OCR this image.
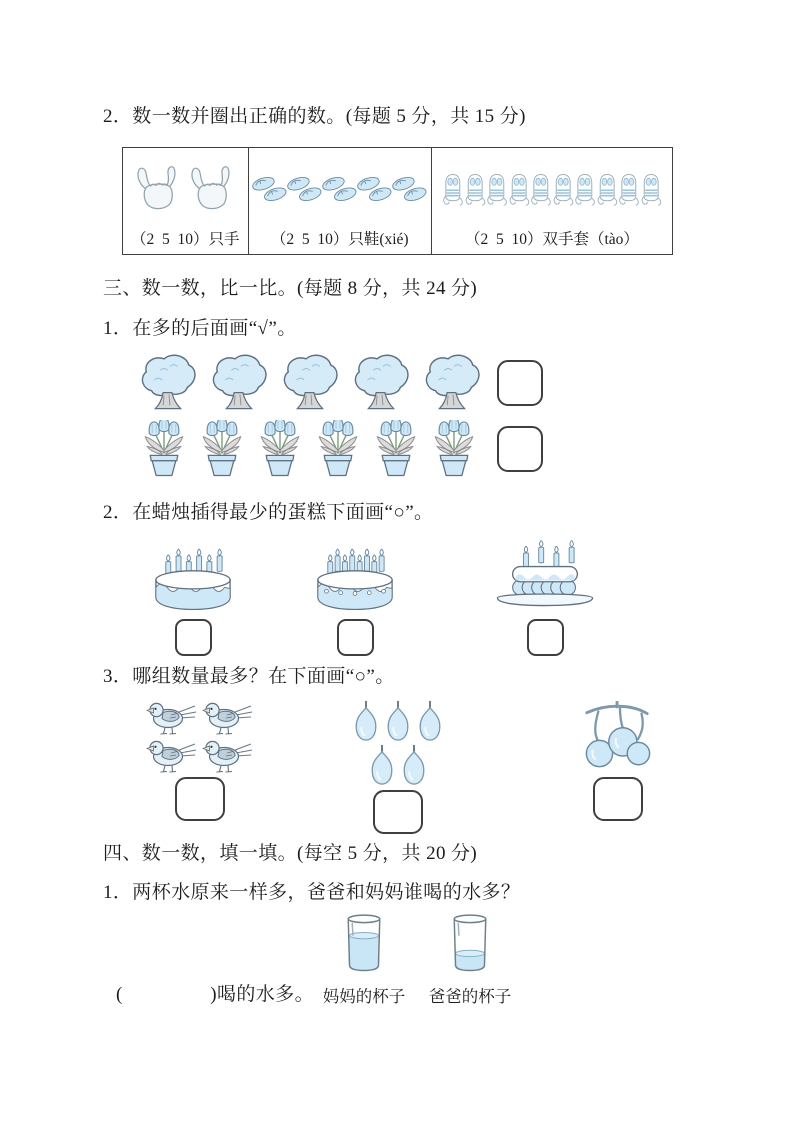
2．数一数并圈出正确的数。(每题 5 分，共 15 分)
（2  5  10）只手 （2  5  10）只鞋(xié)	（2  5  10）双手套（tào）
三、数一数，比一比。(每题 8 分，共 24 分)
1．在多的后面画“√”。
2．在蜡烛插得最少的蛋糕下面画“○”。
3．哪组数量最多？在下面画“○”。
四、数一数，填一填。(每空 5 分，共 20 分)
1．两杯水原来一样多，爸爸和妈妈谁喝的水多？
(                 )喝的水多。 妈妈的杯子 爸爸的杯子
